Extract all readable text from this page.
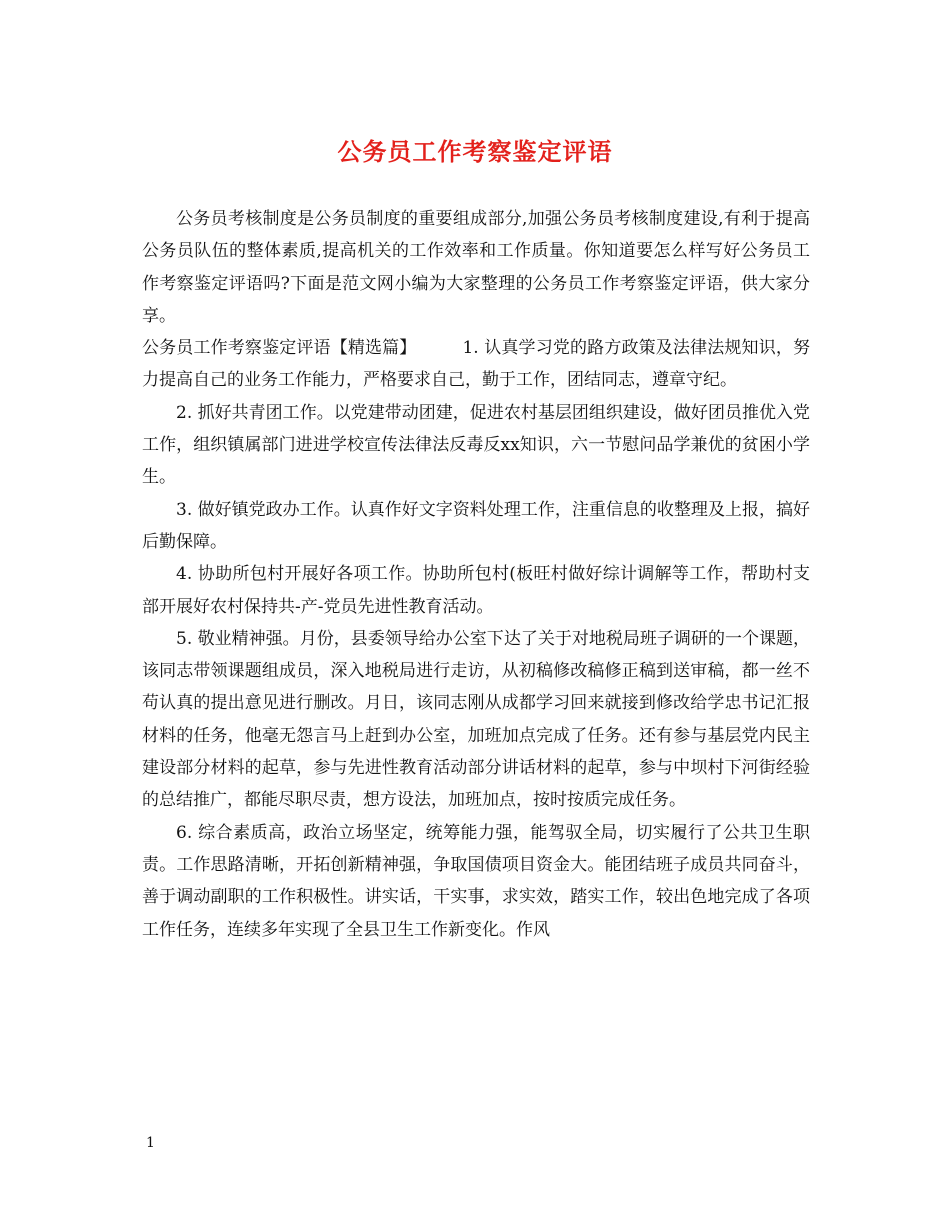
公务员工作考察鉴定评语

公务员考核制度是公务员制度的重要组成部分,加强公务员考核制度建设,有利于提高公务员队伍的整体素质,提高机关的工作效率和工作质量。你知道要怎么样写好公务员工作考察鉴定评语吗?下面是范文网小编为大家整理的公务员工作考察鉴定评语，供大家分享。

公务员工作考察鉴定评语【精选篇】	1. 认真学习党的路方政策及法律法规知识，努力提高自己的业务工作能力，严格要求自己，勤于工作，团结同志，遵章守纪。

2. 抓好共青团工作。以党建带动团建，促进农村基层团组织建设，做好团员推优入党工作，组织镇属部门进进学校宣传法律法反毒反xx知识，六一节慰问品学兼优的贫困小学生。

3. 做好镇党政办工作。认真作好文字资料处理工作，注重信息的收整理及上报，搞好后勤保障。

4. 协助所包村开展好各项工作。协助所包村(板旺村做好综计调解等工作，帮助村支部开展好农村保持共-产-党员先进性教育活动。

5. 敬业精神强。月份，县委领导给办公室下达了关于对地税局班子调研的一个课题，该同志带领课题组成员，深入地税局进行走访，从初稿修改稿修正稿到送审稿，都一丝不苟认真的提出意见进行删改。月日，该同志刚从成都学习回来就接到修改给学忠书记汇报材料的任务，他毫无怨言马上赶到办公室，加班加点完成了任务。还有参与基层党内民主建设部分材料的起草，参与先进性教育活动部分讲话材料的起草，参与中坝村下河街经验的总结推广，都能尽职尽责，想方设法，加班加点，按时按质完成任务。

6. 综合素质高，政治立场坚定，统筹能力强，能驾驭全局，切实履行了公共卫生职责。工作思路清晰，开拓创新精神强，争取国债项目资金大。能团结班子成员共同奋斗，善于调动副职的工作积极性。讲实话，干实事，求实效，踏实工作，较出色地完成了各项工作任务，连续多年实现了全县卫生工作新变化。作风

1
